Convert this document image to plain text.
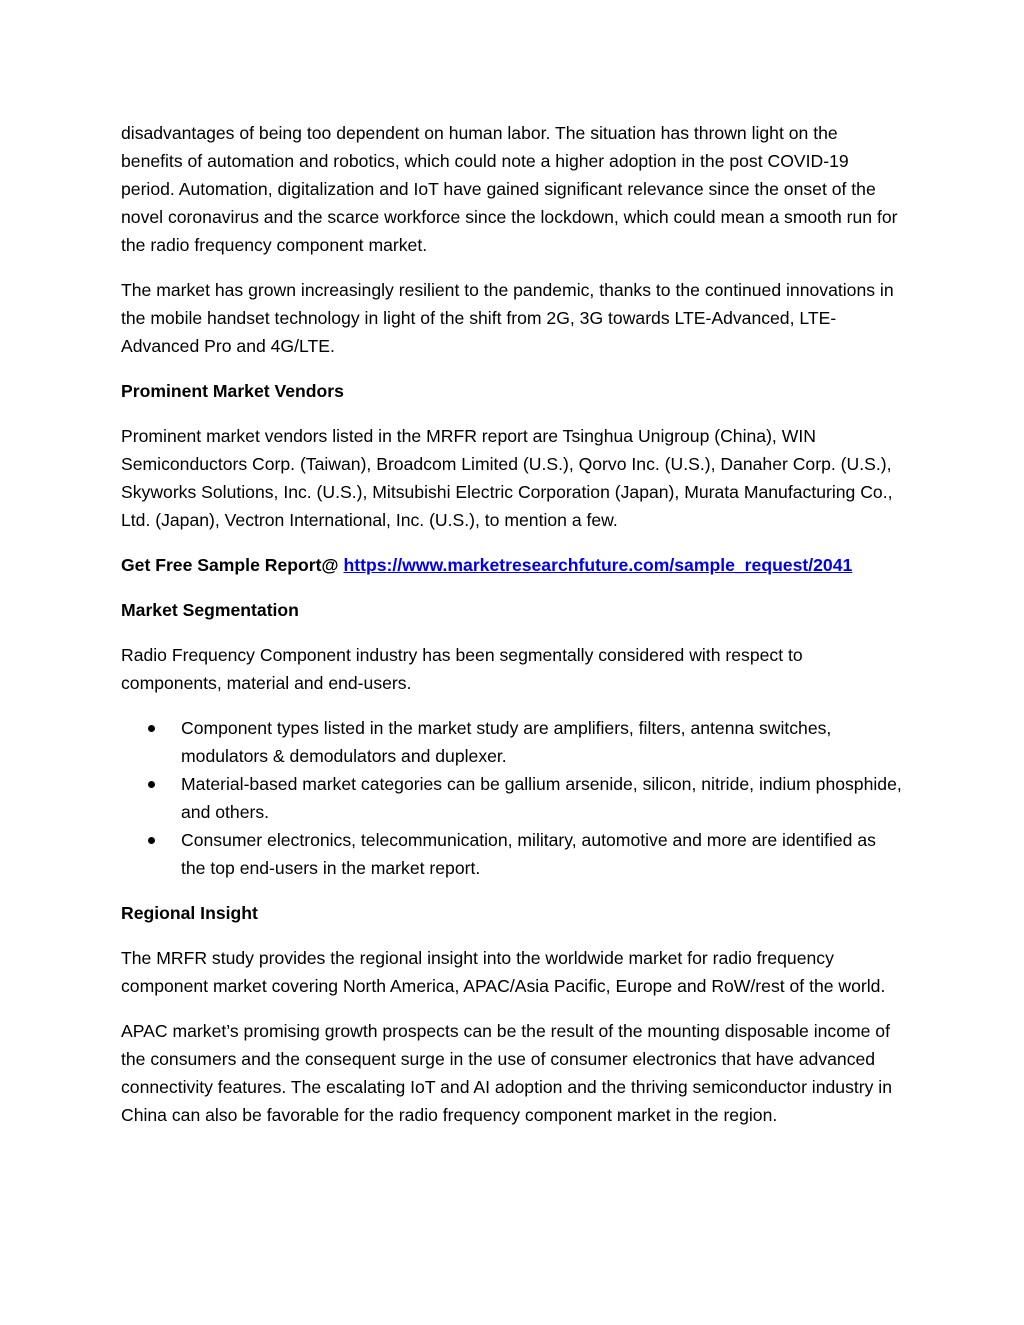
disadvantages of being too dependent on human labor. The situation has thrown light on the benefits of automation and robotics, which could note a higher adoption in the post COVID-19 period. Automation, digitalization and IoT have gained significant relevance since the onset of the novel coronavirus and the scarce workforce since the lockdown, which could mean a smooth run for the radio frequency component market.

The market has grown increasingly resilient to the pandemic, thanks to the continued innovations in the mobile handset technology in light of the shift from 2G, 3G towards LTE-Advanced, LTE-Advanced Pro and 4G/LTE.

Prominent Market Vendors

Prominent market vendors listed in the MRFR report are Tsinghua Unigroup (China), WIN Semiconductors Corp. (Taiwan), Broadcom Limited (U.S.), Qorvo Inc. (U.S.), Danaher Corp. (U.S.), Skyworks Solutions, Inc. (U.S.), Mitsubishi Electric Corporation (Japan), Murata Manufacturing Co., Ltd. (Japan), Vectron International, Inc. (U.S.), to mention a few.

Get Free Sample Report@ https://www.marketresearchfuture.com/sample_request/2041

Market Segmentation

Radio Frequency Component industry has been segmentally considered with respect to components, material and end-users.

Component types listed in the market study are amplifiers, filters, antenna switches, modulators & demodulators and duplexer.
Material-based market categories can be gallium arsenide, silicon, nitride, indium phosphide, and others.
Consumer electronics, telecommunication, military, automotive and more are identified as the top end-users in the market report.

Regional Insight

The MRFR study provides the regional insight into the worldwide market for radio frequency component market covering North America, APAC/Asia Pacific, Europe and RoW/rest of the world.

APAC market’s promising growth prospects can be the result of the mounting disposable income of the consumers and the consequent surge in the use of consumer electronics that have advanced connectivity features. The escalating IoT and AI adoption and the thriving semiconductor industry in China can also be favorable for the radio frequency component market in the region.
